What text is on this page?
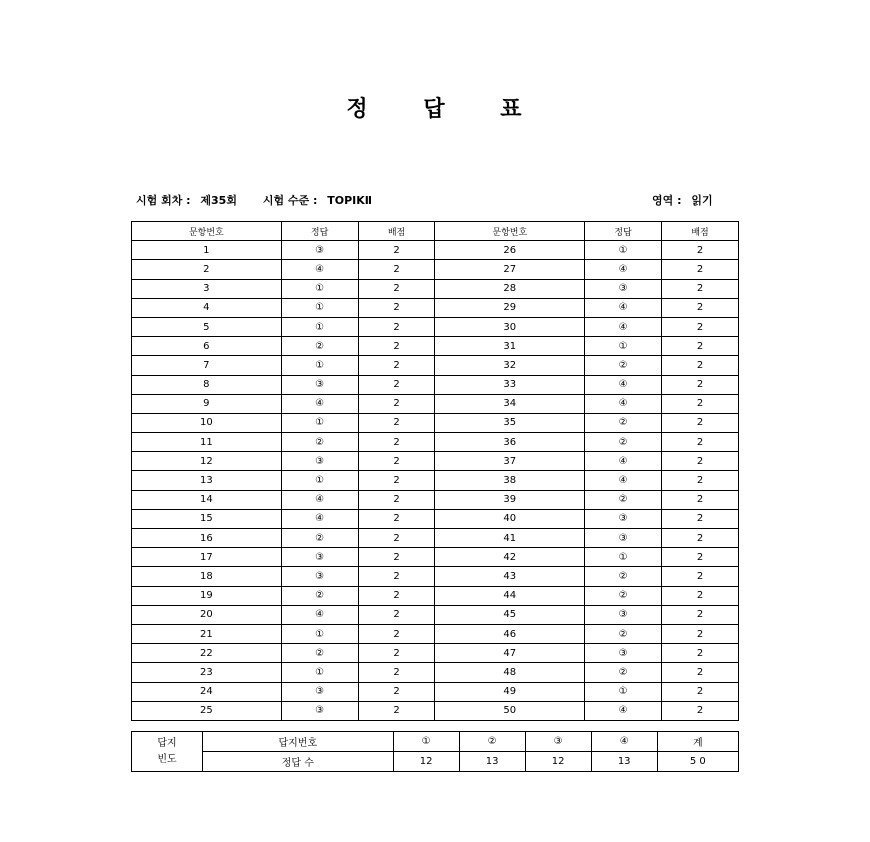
정 답 표
시험 회차 : 제35회 시험 수준 : TOPIKⅡ	영역 : 읽기
문항번호	정답	배점	문항번호	정답	배점
1	③	2	26	①	2
2	④	2	27	④	2
3	①	2	28	③	2
4	①	2	29	④	2
5	①	2	30	④	2
6	②	2	31	①	2
7	①	2	32	②	2
8	③	2	33	④	2
9	④	2	34	④	2
10	①	2	35	②	2
11	②	2	36	②	2
12	③	2	37	④	2
13	①	2	38	④	2
14	④	2	39	②	2
15	④	2	40	③	2
16	②	2	41	③	2
17	③	2	42	①	2
18	③	2	43	②	2
19	②	2	44	②	2
20	④	2	45	③	2
21	①	2	46	②	2
22	②	2	47	③	2
23	①	2	48	②	2
24	③	2	49	①	2
25	③	2	50	④	2
답지
빈도	답지번호	①	②	③	④	계
	정답 수	12	13	12	13	5 0
